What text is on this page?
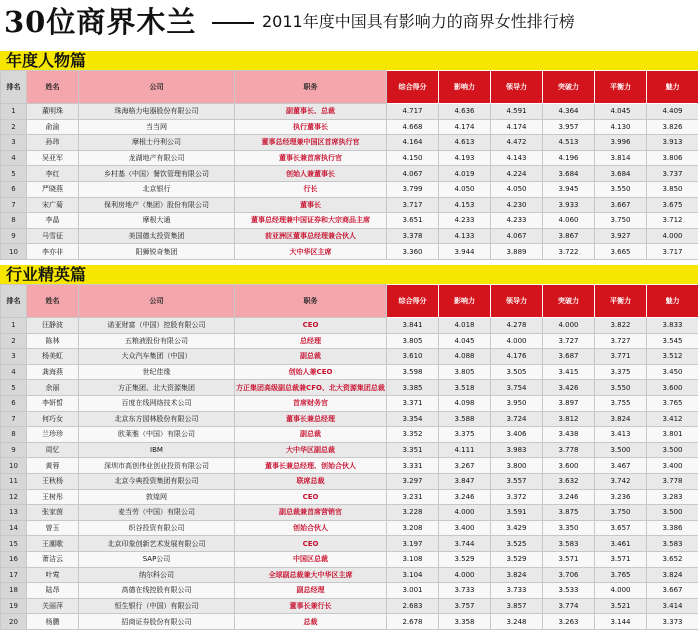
30位商界木兰	2011年度中国具有影响力的商界女性排行榜
年度人物篇
排名	姓名	公司	职务	综合得分	影响力	领导力	突破力	平衡力	魅力
1	董明珠	珠海格力电器股份有限公司	副董事长、总裁	4.717	4.636	4.591	4.364	4.045	4.409
2	俞渝	当当网	执行董事长	4.668	4.174	4.174	3.957	4.130	3.826
3	孙玮	摩根士丹利公司	董事总经理兼中国区首席执行官	4.164	4.613	4.472	4.513	3.996	3.913
4	吴亚军	龙湖地产有限公司	董事长兼首席执行官	4.150	4.193	4.143	4.196	3.814	3.806
5	李红	乡村基（中国）餐饮管理有限公司	创始人兼董事长	4.067	4.019	4.224	3.684	3.684	3.737
6	严晓燕	北京银行	行长	3.799	4.050	4.050	3.945	3.550	3.850
7	宋广菊	保利房地产（集团）股份有限公司	董事长	3.717	4.153	4.230	3.933	3.667	3.675
8	李晶	摩根大通	董事总经理兼中国证券和大宗商品主席	3.651	4.233	4.233	4.060	3.750	3.712
9	马雪征	美国德太投资集团	前亚洲区董事总经理兼合伙人	3.378	4.133	4.067	3.867	3.927	4.000
10	李亦非	阳狮锐奇集团	大中华区主席	3.360	3.944	3.889	3.722	3.665	3.717
行业精英篇
排名	姓名	公司	职务	综合得分	影响力	领导力	突破力	平衡力	魅力
1	汪静波	诺亚财富（中国）控股有限公司	CEO	3.841	4.018	4.278	4.000	3.822	3.833
2	陈林	五粮液股份有限公司	总经理	3.805	4.045	4.000	3.727	3.727	3.545
3	杨美虹	大众汽车集团（中国）	副总裁	3.610	4.088	4.176	3.687	3.771	3.512
4	龚海燕	世纪佳缘	创始人兼CEO	3.598	3.805	3.505	3.415	3.375	3.450
5	余丽	方正集团、北大资源集团	方正集团高级副总裁兼CFO、北大资源集团总裁	3.385	3.518	3.754	3.426	3.550	3.600
6	李妍皙	百度在线网络技术公司	首席财务官	3.371	4.098	3.950	3.897	3.755	3.765
7	何巧女	北京东方园林股份有限公司	董事长兼总经理	3.354	3.588	3.724	3.812	3.824	3.412
8	兰珍珍	欧莱雅（中国）有限公司	副总裁	3.352	3.375	3.406	3.438	3.413	3.801
9	周忆	IBM	大中华区副总裁	3.351	4.111	3.983	3.778	3.500	3.500
10	黄蓉	深圳市高创伟业创业投资有限公司	董事长兼总经理、创始合伙人	3.331	3.267	3.800	3.600	3.467	3.400
11	王秋杨	北京今典投资集团有限公司	联席总裁	3.297	3.847	3.557	3.632	3.742	3.778
12	王树彤	敦煌网	CEO	3.231	3.246	3.372	3.246	3.236	3.283
13	张家茵	麦当劳（中国）有限公司	副总裁兼首席营销官	3.228	4.000	3.591	3.875	3.750	3.500
14	曾玉	织谷投资有限公司	创始合伙人	3.208	3.400	3.429	3.350	3.657	3.386
15	王潮歌	北京印象创新艺术发展有限公司	CEO	3.197	3.744	3.525	3.583	3.461	3.583
16	萧洁云	SAP公司	中国区总裁	3.108	3.529	3.529	3.571	3.571	3.652
17	叶莺	纳尔科公司	全球副总裁兼大中华区主席	3.104	4.000	3.824	3.706	3.765	3.824
18	陆昂	高德在线控股有限公司	副总经理	3.001	3.733	3.733	3.533	4.000	3.667
19	关丽萍	恒生银行（中国）有限公司	董事长兼行长	2.683	3.757	3.857	3.774	3.521	3.414
20	杨鹏	招商证券股份有限公司	总裁	2.678	3.358	3.248	3.263	3.144	3.373
